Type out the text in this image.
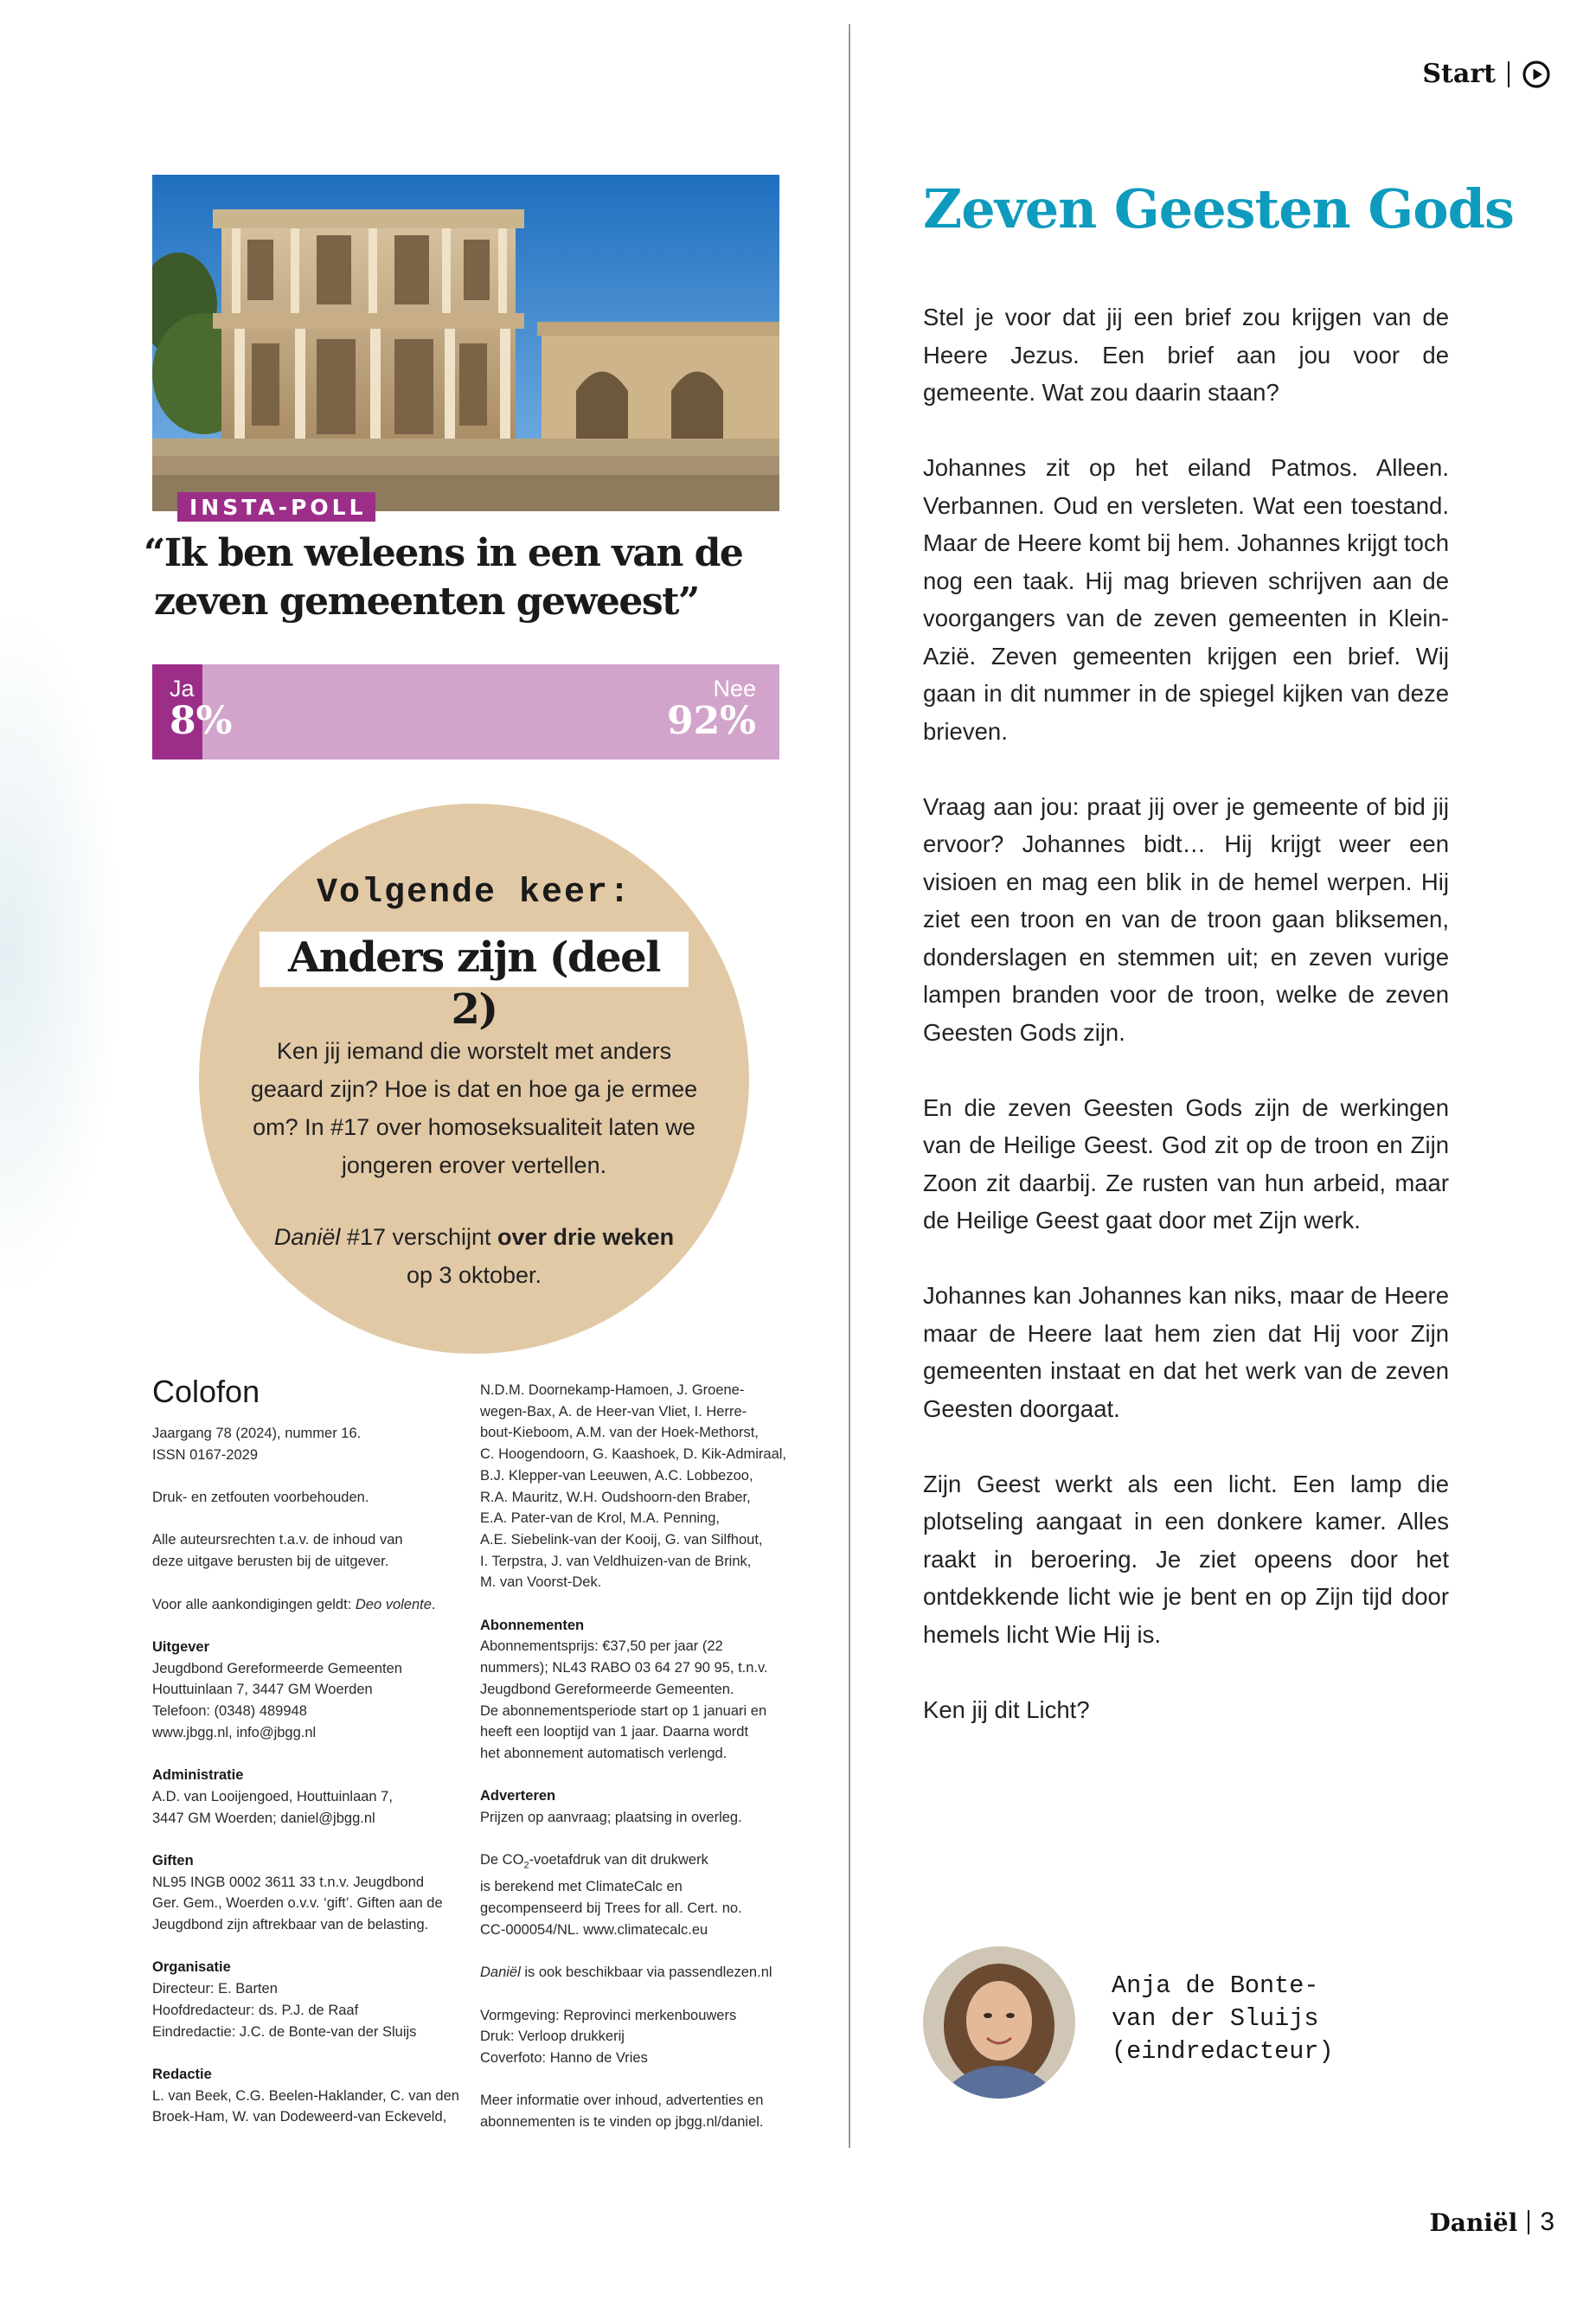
Start
INSTA-POLL
“Ik ben weleens in een van de
zeven gemeenten geweest”
Ja
8%
Nee
92%
Volgende keer:
Anders zijn (deel 2)

Ken jij iemand die worstelt met anders geaard zijn? Hoe is dat en hoe ga je ermee om? In #17 over homoseksualiteit laten we jongeren erover vertellen.

Daniël #17 verschijnt over drie weken op 3 oktober.

Colofon
Jaargang 78 (2024), nummer 16.
ISSN 0167-2029
Druk- en zetfouten voorbehouden.
Alle auteursrechten t.a.v. de inhoud van
deze uitgave berusten bij de uitgever.
Voor alle aankondigingen geldt: Deo volente.
Uitgever
Jeugdbond Gereformeerde Gemeenten
Houttuinlaan 7, 3447 GM Woerden
Telefoon: (0348) 489948
www.jbgg.nl, info@jbgg.nl
Administratie
A.D. van Looijengoed, Houttuinlaan 7,
3447 GM Woerden; daniel@jbgg.nl
Giften
NL95 INGB 0002 3611 33 t.n.v. Jeugdbond
Ger. Gem., Woerden o.v.v. ‘gift’. Giften aan de
Jeugdbond zijn aftrekbaar van de belasting.
Organisatie
Directeur: E. Barten
Hoofdredacteur: ds. P.J. de Raaf
Eindredactie: J.C. de Bonte-van der Sluijs
Redactie
L. van Beek, C.G. Beelen-Haklander, C. van den
Broek-Ham, W. van Dodeweerd-van Eckeveld,
N.D.M. Doornekamp-Hamoen, J. Groene-
wegen-Bax, A. de Heer-van Vliet, I. Herre-
bout-Kieboom, A.M. van der Hoek-Methorst,
C. Hoogendoorn, G. Kaashoek, D. Kik-Admiraal,
B.J. Klepper-van Leeuwen, A.C. Lobbezoo,
R.A. Mauritz, W.H. Oudshoorn-den Braber,
E.A. Pater-van de Krol, M.A. Penning,
A.E. Siebelink-van der Kooij, G. van Silfhout,
I. Terpstra, J. van Veldhuizen-van de Brink,
M. van Voorst-Dek.
Abonnementen
Abonnementsprijs: €37,50 per jaar (22
nummers); NL43 RABO 03 64 27 90 95, t.n.v.
Jeugdbond Gereformeerde Gemeenten.
De abonnementsperiode start op 1 januari en
heeft een looptijd van 1 jaar. Daarna wordt
het abonnement automatisch verlengd.
Adverteren
Prijzen op aanvraag; plaatsing in overleg.
De $CO_2$-voetafdruk van dit drukwerk
is berekend met ClimateCalc en
gecompenseerd bij Trees for all. Cert. no.
CC-000054/NL. www.climatecalc.eu
Daniël is ook beschikbaar via passendlezen.nl
Vormgeving: Reprovinci merkenbouwers
Druk: Verloop drukkerij
Coverfoto: Hanno de Vries
Meer informatie over inhoud, advertenties en
abonnementen is te vinden op jbgg.nl/daniel.
Zeven Geesten Gods

Stel je voor dat jij een brief zou krijgen van de Heere Jezus. Een brief aan jou voor de gemeente. Wat zou daarin staan?

Johannes zit op het eiland Patmos. Alleen. Verbannen. Oud en versleten. Wat een toestand. Maar de Heere komt bij hem. Johannes krijgt toch nog een taak. Hij mag brieven schrijven aan de voorgangers van de zeven gemeenten in Klein-Azië. Zeven gemeenten krijgen een brief. Wij gaan in dit nummer in de spiegel kijken van deze brieven.

Vraag aan jou: praat jij over je gemeente of bid jij ervoor? Johannes bidt… Hij krijgt weer een visioen en mag een blik in de hemel werpen. Hij ziet een troon en van de troon gaan bliksemen, donderslagen en stemmen uit; en zeven vurige lampen branden voor de troon, welke de zeven Geesten Gods zijn.

En die zeven Geesten Gods zijn de werkingen van de Heilige Geest. God zit op de troon en Zijn Zoon zit daarbij. Ze rusten van hun arbeid, maar de Heilige Geest gaat door met Zijn werk.

Johannes kan Johannes kan niks, maar de Heere maar de Heere laat hem zien dat Hij voor Zijn gemeenten instaat en dat het werk van de zeven Geesten doorgaat.

Zijn Geest werkt als een licht. Een lamp die plotseling aangaat in een donkere kamer. Alles raakt in beroering. Je ziet opeens door het ontdekkende licht wie je bent en op Zijn tijd door hemels licht Wie Hij is.

Ken jij dit Licht?

Anja de Bonte-
van der Sluijs
(eindredacteur)

Daniël 3
